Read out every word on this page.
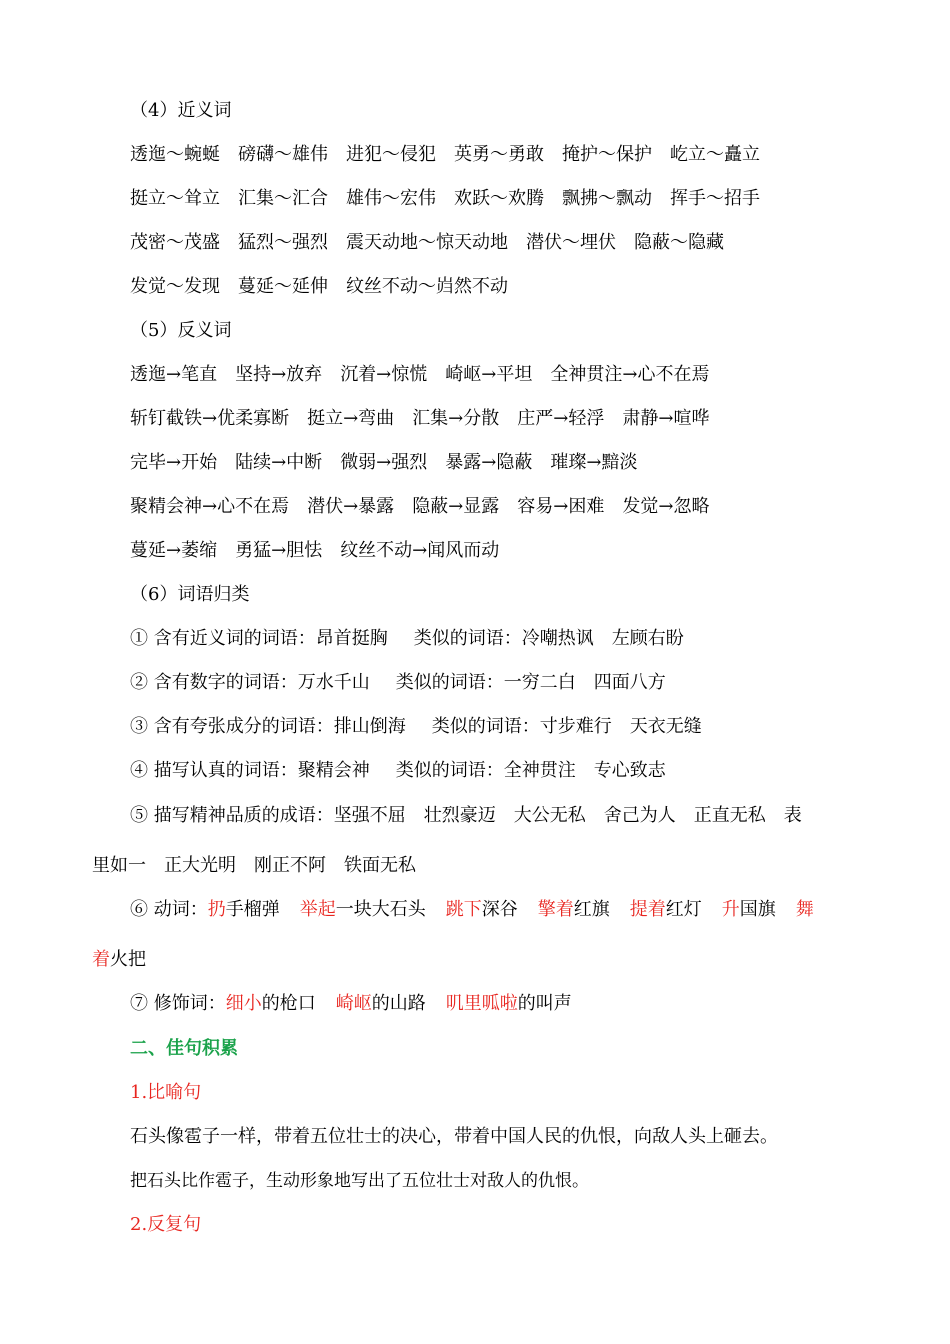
（4）近义词
透迤～蜿蜒 磅礴～雄伟 进犯～侵犯 英勇～勇敢 掩护～保护 屹立～矗立
挺立～耸立 汇集～汇合 雄伟～宏伟 欢跃～欢腾 飘拂～飘动 挥手～招手
茂密～茂盛 猛烈～强烈 震天动地～惊天动地 潜伏～埋伏 隐蔽～隐藏
发觉～发现 蔓延～延伸 纹丝不动～岿然不动
（5）反义词
透迤→笔直 坚持→放弃 沉着→惊慌 崎岖→平坦 全神贯注→心不在焉
斩钉截铁→优柔寡断 挺立→弯曲 汇集→分散 庄严→轻浮 肃静→喧哗
完毕→开始 陆续→中断 微弱→强烈 暴露→隐蔽 璀璨→黯淡
聚精会神→心不在焉 潜伏→暴露 隐蔽→显露 容易→困难 发觉→忽略
蔓延→萎缩 勇猛→胆怯 纹丝不动→闻风而动
（6）词语归类
① 含有近义词的词语：昂首挺胸 类似的词语：冷嘲热讽　左顾右盼
② 含有数字的词语：万水千山 类似的词语：一穷二白　四面八方
③ 含有夸张成分的词语：排山倒海 类似的词语：寸步难行　天衣无缝
④ 描写认真的词语：聚精会神 类似的词语：全神贯注　专心致志
⑤ 描写精神品质的成语：坚强不屈　壮烈豪迈　大公无私　舍己为人　正直无私　表
里如一　正大光明　刚正不阿　铁面无私
⑥ 动词：扔手榴弹 举起一块大石头 跳下深谷 擎着红旗 提着红灯 升国旗 舞
着火把
⑦ 修饰词：细小的枪口 崎岖的山路 叽里呱啦的叫声
二、佳句积累
1.比喻句
石头像雹子一样，带着五位壮士的决心，带着中国人民的仇恨，向敌人头上砸去。
把石头比作雹子，生动形象地写出了五位壮士对敌人的仇恨。
2.反复句
